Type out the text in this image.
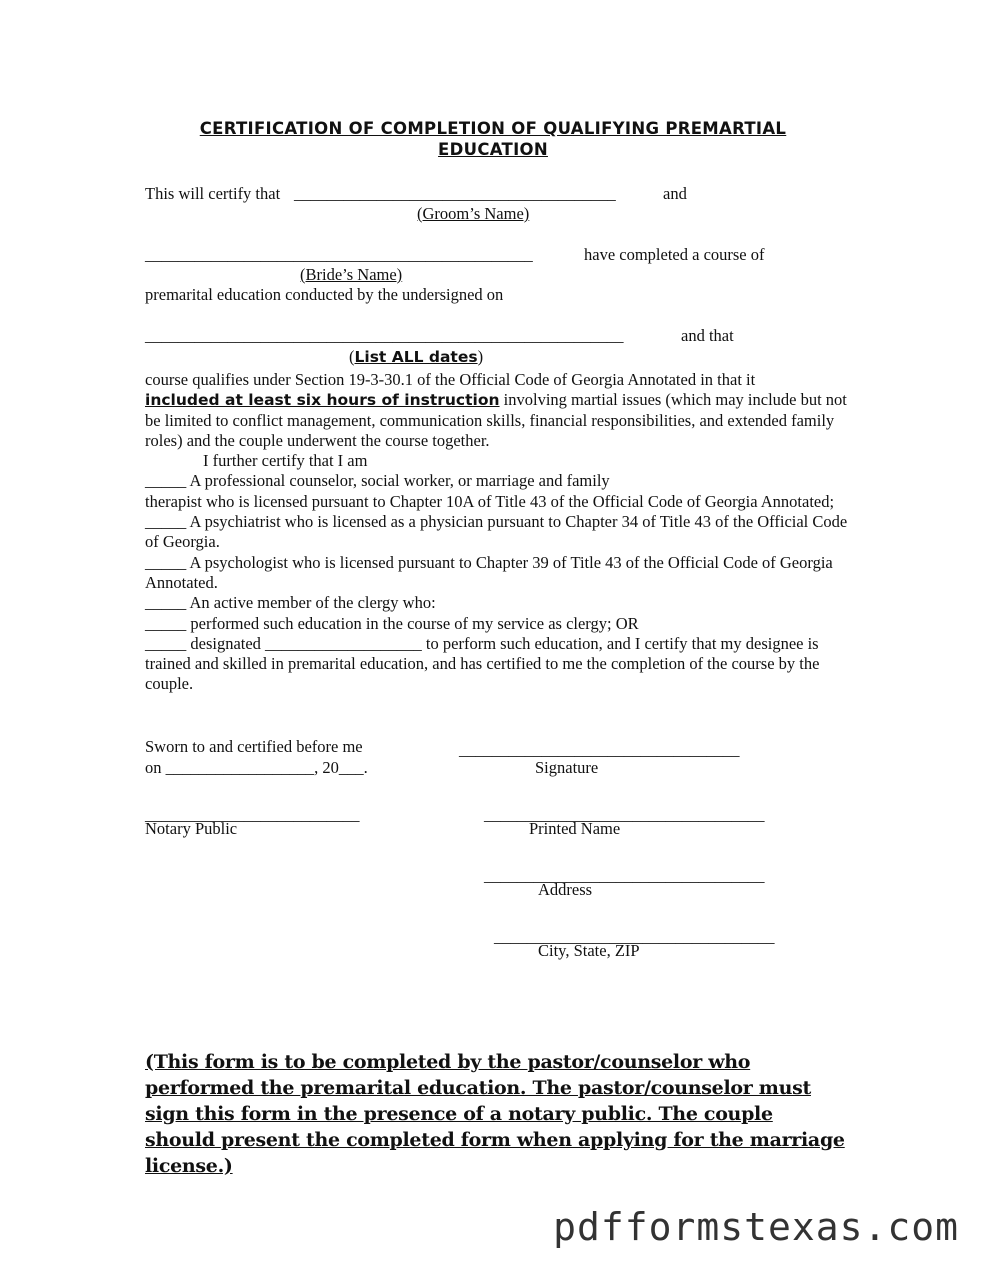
CERTIFICATION OF COMPLETION OF QUALIFYING PREMARTIAL
EDUCATION
This will certify that _______________________________________	and
(Groom’s Name)
_______________________________________________	have completed a course of
(Bride’s Name)
premarital education conducted by the undersigned on
__________________________________________________________	and that
(List ALL dates)
course qualifies under Section 19-3-30.1 of the Official Code of Georgia Annotated in that it
included at least six hours of instruction involving martial issues (which may include but not be limited to conflict management, communication skills, financial responsibilities, and extended family roles) and the couple underwent the course together.
I further certify that I am
_____ A professional counselor, social worker, or marriage and family
therapist who is licensed pursuant to Chapter 10A of Title 43 of the Official Code of Georgia Annotated;
_____ A psychiatrist who is licensed as a physician pursuant to Chapter 34 of Title 43 of the Official Code of Georgia.
_____ A psychologist who is licensed pursuant to Chapter 39 of Title 43 of the Official Code of Georgia Annotated.
_____ An active member of the clergy who:
_____ performed such education in the course of my service as clergy; OR
_____ designated ___________________ to perform such education, and I certify that my designee is trained and skilled in premarital education, and has certified to me the completion of the course by the couple.
Sworn to and certified before me
on __________________, 20___.
__________________________________
Signature
__________________________
Notary Public
__________________________________
Printed Name
__________________________________
Address
__________________________________
City, State, ZIP
(This form is to be completed by the pastor/counselor who performed the premarital education. The pastor/counselor must sign this form in the presence of a notary public. The couple should present the completed form when applying for the marriage license.)
pdfformstexas.com
